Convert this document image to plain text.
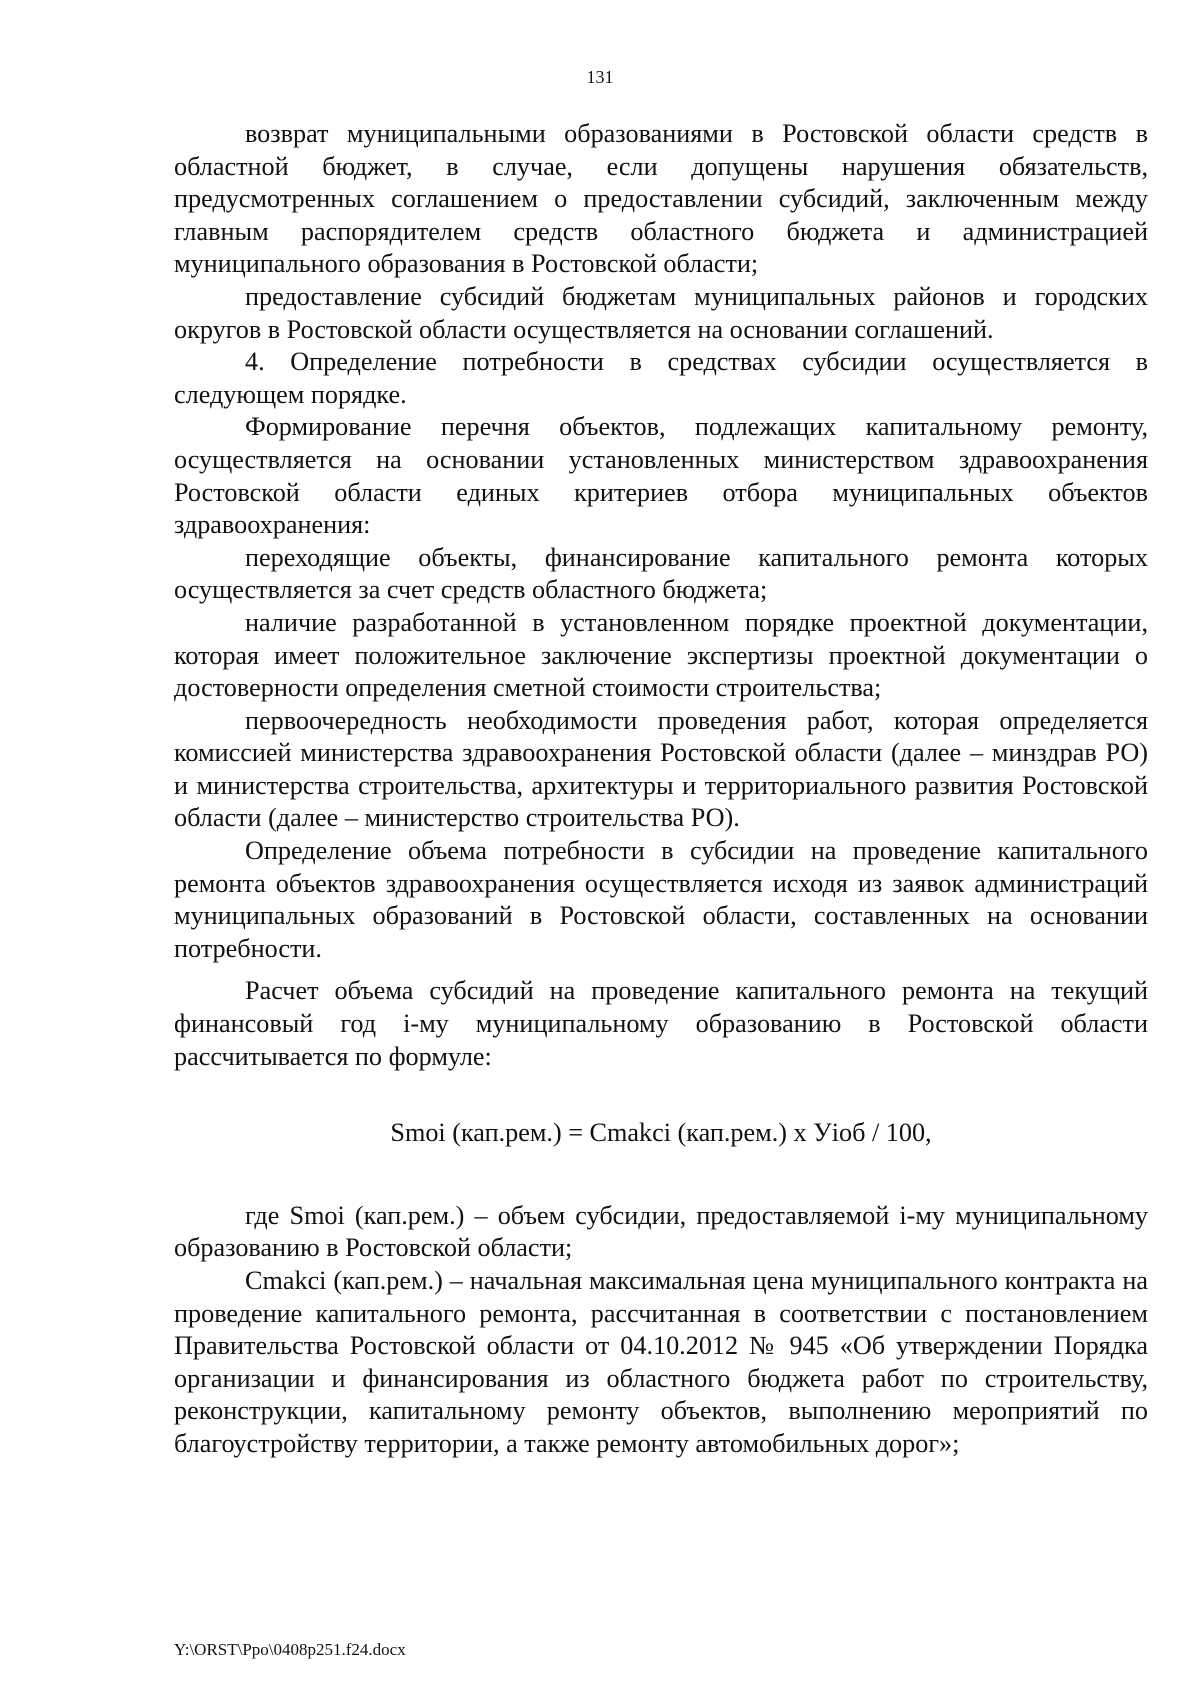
131

возврат муниципальными образованиями в Ростовской области средств в областной бюджет, в случае, если допущены нарушения обязательств, предусмотренных соглашением о предоставлении субсидий, заключенным между главным распорядителем средств областного бюджета и администрацией муниципального образования в Ростовской области;

предоставление субсидий бюджетам муниципальных районов и городских округов в Ростовской области осуществляется на основании соглашений.

4. Определение потребности в средствах субсидии осуществляется в следующем порядке.

Формирование перечня объектов, подлежащих капитальному ремонту, осуществляется на основании установленных министерством здравоохранения Ростовской области единых критериев отбора муниципальных объектов здравоохранения:

переходящие объекты, финансирование капитального ремонта которых осуществляется за счет средств областного бюджета;

наличие разработанной в установленном порядке проектной документации, которая имеет положительное заключение экспертизы проектной документации о достоверности определения сметной стоимости строительства;

первоочередность необходимости проведения работ, которая определяется комиссией министерства здравоохранения Ростовской области (далее – минздрав РО) и министерства строительства, архитектуры и территориального развития Ростовской области (далее – министерство строительства РО).

Определение объема потребности в субсидии на проведение капитального ремонта объектов здравоохранения осуществляется исходя из заявок администраций муниципальных образований в Ростовской области, составленных на основании потребности.

Расчет объема субсидий на проведение капитального ремонта на текущий финансовый год i-му муниципальному образованию в Ростовской области рассчитывается по формуле:

Smoi (кап.рем.) = Cmakci (кап.рем.) x Уioб / 100,

где Smoi (кап.рем.) – объем субсидии, предоставляемой i-му муниципальному образованию в Ростовской области;

Cmakci (кап.рем.) – начальная максимальная цена муниципального контракта на проведение капитального ремонта, рассчитанная в соответствии с постановлением Правительства Ростовской области от 04.10.2012 № 945 «Об утверждении Порядка организации и финансирования из областного бюджета работ по строительству, реконструкции, капитальному ремонту объектов, выполнению мероприятий по благоустройству территории, а также ремонту автомобильных дорог»;

Y:\ORST\Ppo\0408p251.f24.docx
